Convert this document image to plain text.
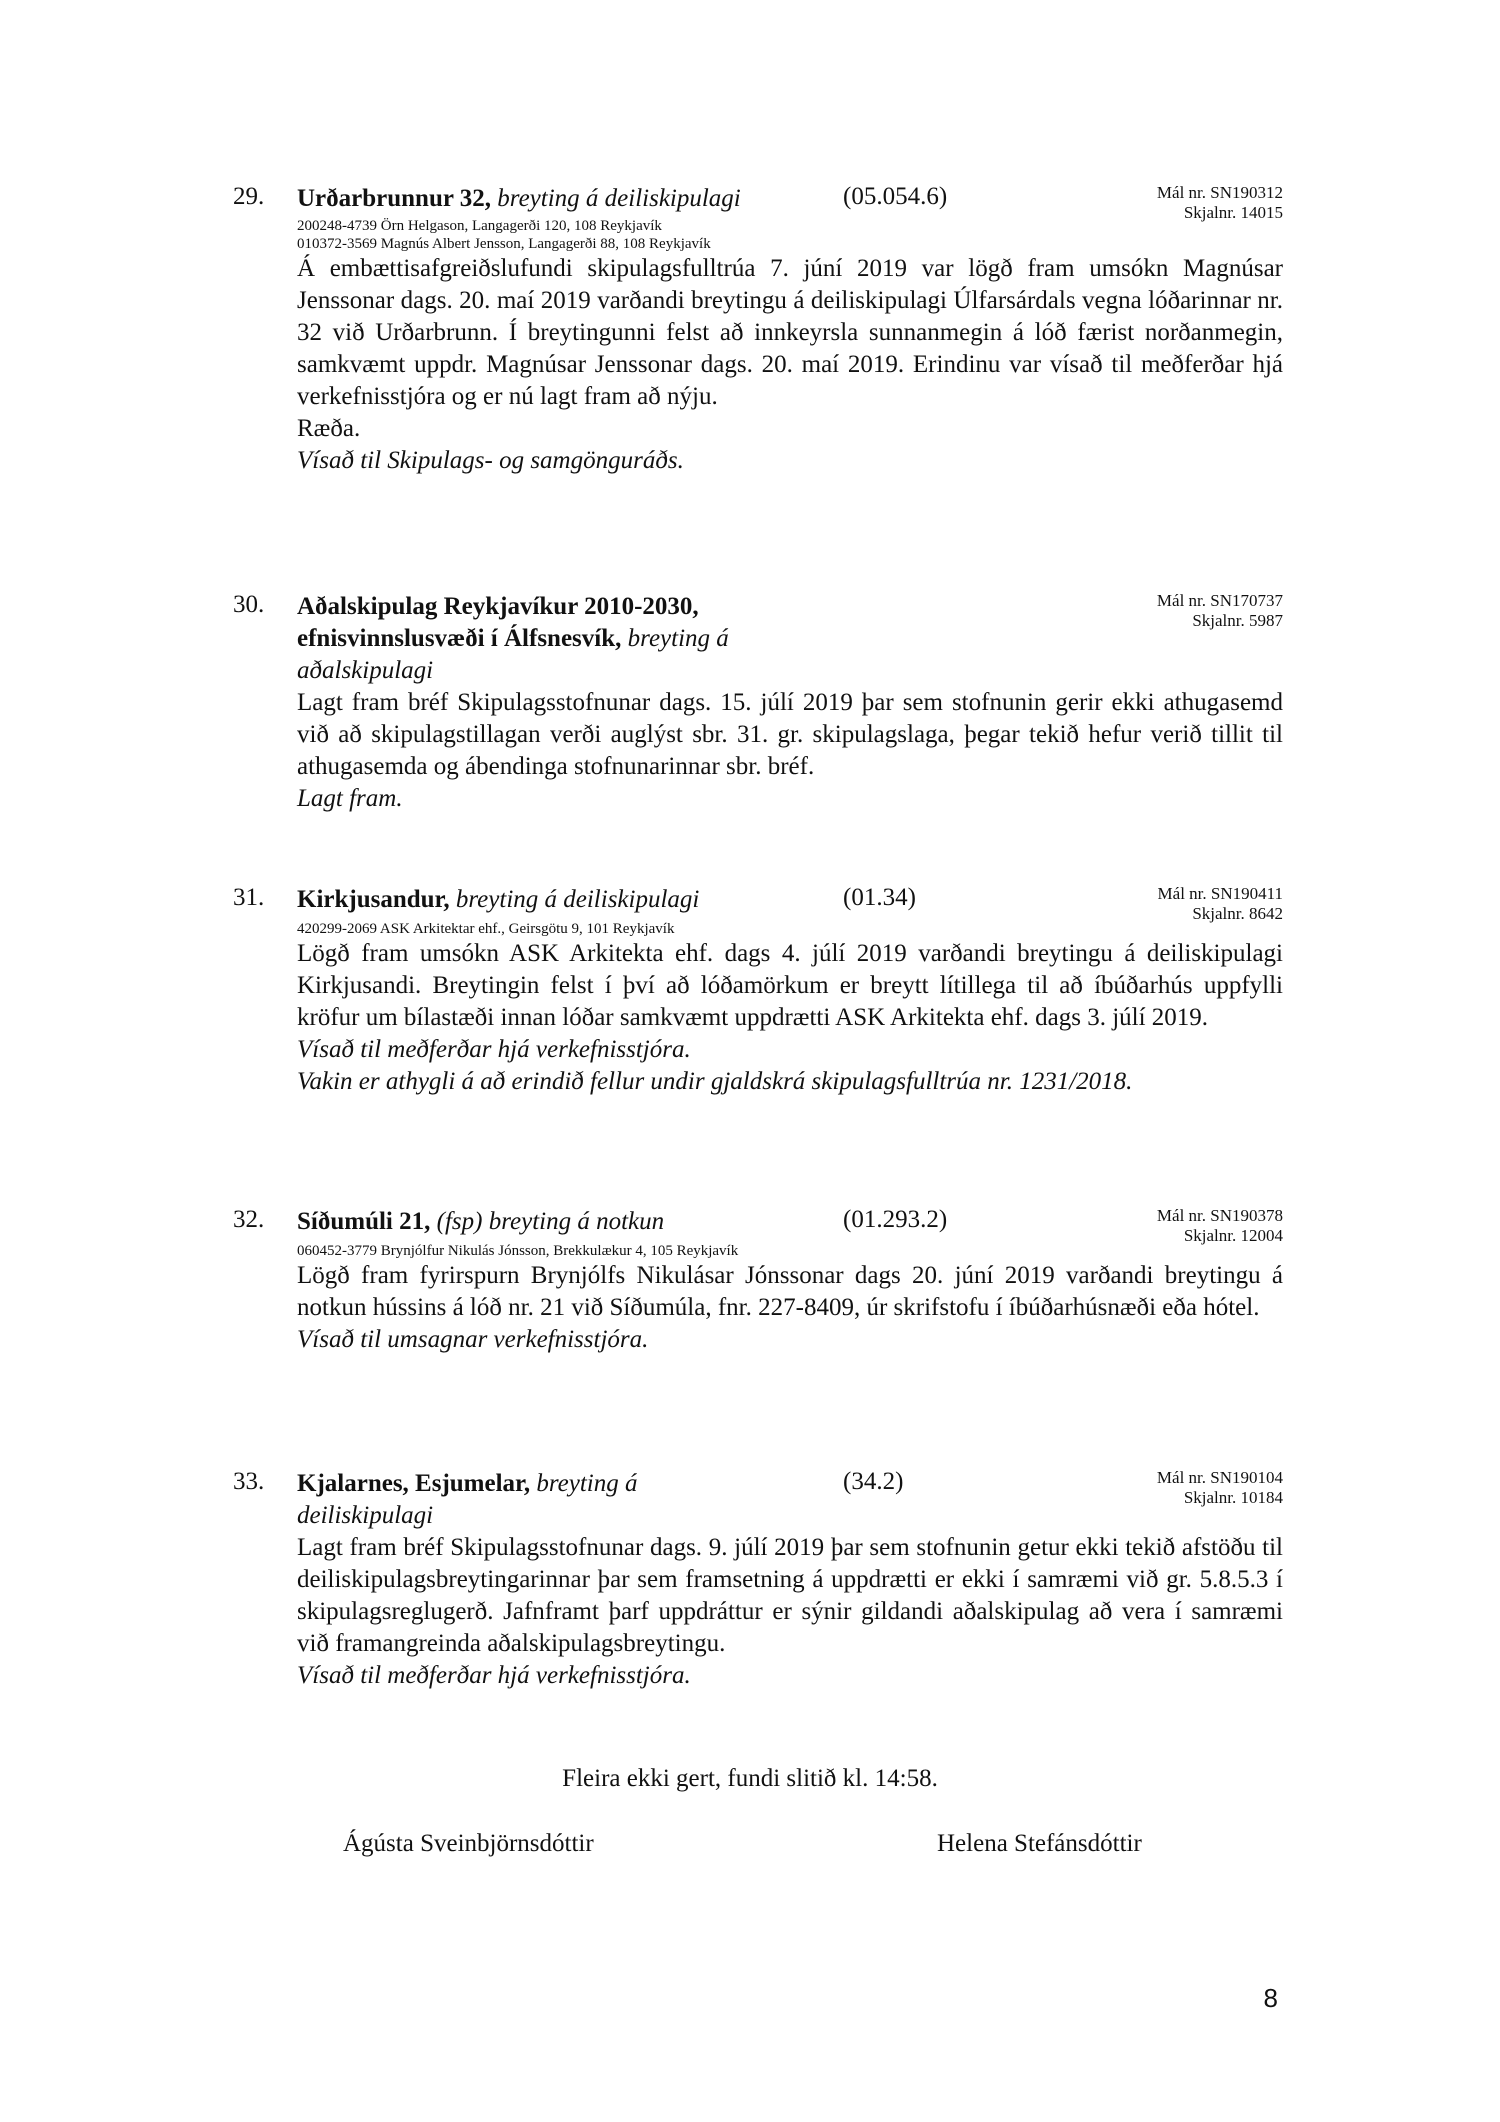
29. Urðarbrunnur 32, breyting á deiliskipulagi	(05.054.6)	Mál nr. SN190312
Skjalnr. 14015
200248-4739 Örn Helgason, Langagerði 120, 108 Reykjavík
010372-3569 Magnús Albert Jensson, Langagerði 88, 108 Reykjavík

Á embættisafgreiðslufundi skipulagsfulltrúa 7. júní 2019 var lögð fram umsókn Magnúsar Jenssonar dags. 20. maí 2019 varðandi breytingu á deiliskipulagi Úlfarsárdals vegna lóðarinnar nr. 32 við Urðarbrunn. Í breytingunni felst að innkeyrsla sunnanmegin á lóð færist norðanmegin, samkvæmt uppdr. Magnúsar Jenssonar dags. 20. maí 2019. Erindinu var vísað til meðferðar hjá verkefnisstjóra og er nú lagt fram að nýju.

Ræða.

Vísað til Skipulags- og samgönguráðs.

30. Aðalskipulag Reykjavíkur 2010-2030, efnisvinnslusvæði í Álfsnesvík, breyting á aðalskipulagi
Mál nr. SN170737
Skjalnr. 5987

Lagt fram bréf Skipulagsstofnunar dags. 15. júlí 2019 þar sem stofnunin gerir ekki athugasemd við að skipulagstillagan verði auglýst sbr. 31. gr. skipulagslaga, þegar tekið hefur verið tillit til athugasemda og ábendinga stofnunarinnar sbr. bréf.

Lagt fram.

31. Kirkjusandur, breyting á deiliskipulagi	(01.34)	Mál nr. SN190411
Skjalnr. 8642
420299-2069 ASK Arkitektar ehf., Geirsgötu 9, 101 Reykjavík

Lögð fram umsókn ASK Arkitekta ehf. dags 4. júlí 2019 varðandi breytingu á deiliskipulagi Kirkjusandi. Breytingin felst í því að lóðamörkum er breytt lítillega til að íbúðarhús uppfylli kröfur um bílastæði innan lóðar samkvæmt uppdrætti ASK Arkitekta ehf. dags 3. júlí 2019.

Vísað til meðferðar hjá verkefnisstjóra.

Vakin er athygli á að erindið fellur undir gjaldskrá skipulagsfulltrúa nr. 1231/2018.

32. Síðumúli 21, (fsp) breyting á notkun	(01.293.2)	Mál nr. SN190378
Skjalnr. 12004
060452-3779 Brynjólfur Nikulás Jónsson, Brekkulækur 4, 105 Reykjavík

Lögð fram fyrirspurn Brynjólfs Nikulásar Jónssonar dags 20. júní 2019 varðandi breytingu á notkun hússins á lóð nr. 21 við Síðumúla, fnr. 227-8409, úr skrifstofu í íbúðarhúsnæði eða hótel.

Vísað til umsagnar verkefnisstjóra.

33. Kjalarnes, Esjumelar, breyting á deiliskipulagi
(34.2)	Mál nr. SN190104
Skjalnr. 10184

Lagt fram bréf Skipulagsstofnunar dags. 9. júlí 2019 þar sem stofnunin getur ekki tekið afstöðu til deiliskipulagsbreytingarinnar þar sem framsetning á uppdrætti er ekki í samræmi við gr. 5.8.5.3 í skipulagsreglugerð. Jafnframt þarf uppdráttur er sýnir gildandi aðalskipulag að vera í samræmi við framangreinda aðalskipulagsbreytingu.

Vísað til meðferðar hjá verkefnisstjóra.

Fleira ekki gert, fundi slitið kl. 14:58.
Ágústa Sveinbjörnsdóttir	Helena Stefánsdóttir
8
